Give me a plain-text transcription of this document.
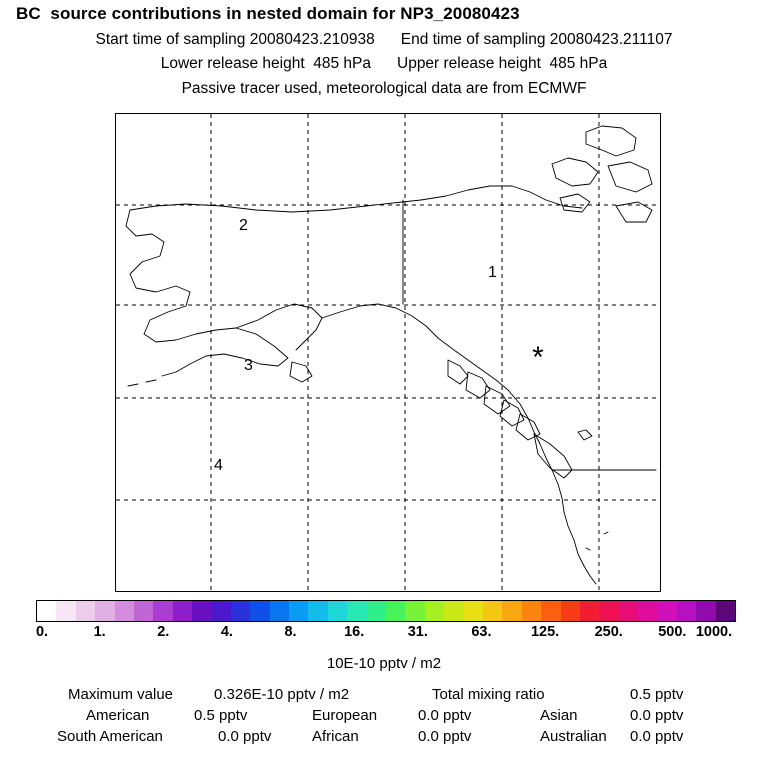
BC  source contributions in nested domain for NP3_20080423
Start time of sampling 20080423.210938 End time of sampling 20080423.211107
Lower release height  485 hPa Upper release height  485 hPa
Passive tracer used, meteorological data are from ECMWF
*
1
2
3
4
0.	1.	2.	4.	8.	16.	31.	63.	125. 250. 500. 1000.
10E-10 pptv / m2
Maximum value	0.326E-10 pptv / m2	Total mixing ratio	0.5 pptv
American	0.5 pptv	European	0.0 pptv	Asian	0.0 pptv
South American	0.0 pptv	African	0.0 pptv	Australian 0.0 pptv
